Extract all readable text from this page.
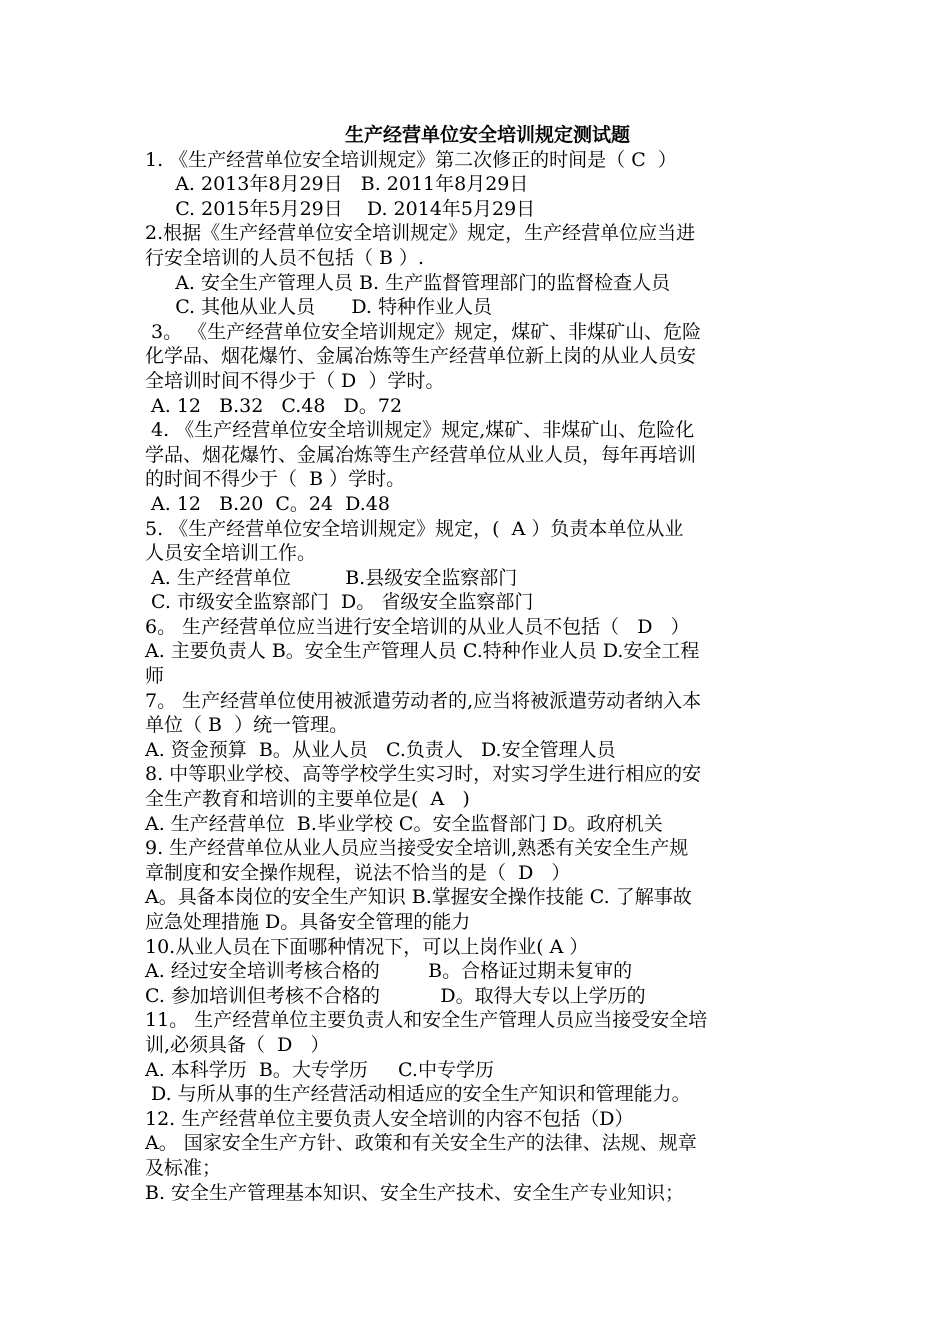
生产经营单位安全培训规定测试题
1. 《生产经营单位安全培训规定》第二次修正的时间是（ C  ）
A. 2013年8月29日   B. 2011年8月29日
C. 2015年5月29日    D. 2014年5月29日
2.根据《生产经营单位安全培训规定》规定，生产经营单位应当进
行安全培训的人员不包括（ B ）.
A. 安全生产管理人员 B. 生产监督管理部门的监督检查人员
C. 其他从业人员      D. 特种作业人员
3。 《生产经营单位安全培训规定》规定，煤矿、非煤矿山、危险
化学品、烟花爆竹、金属冶炼等生产经营单位新上岗的从业人员安
全培训时间不得少于（ D  ）学时。
A. 12   B.32   C.48   D。72
4. 《生产经营单位安全培训规定》规定,煤矿、非煤矿山、危险化
学品、烟花爆竹、金属冶炼等生产经营单位从业人员，每年再培训
的时间不得少于（  B ）学时。
A. 12   B.20  C。24  D.48
5. 《生产经营单位安全培训规定》规定，(  A ）负责本单位从业
人员安全培训工作。
A. 生产经营单位         B.县级安全监察部门
C. 市级安全监察部门  D。 省级安全监察部门
6。 生产经营单位应当进行安全培训的从业人员不包括（   D   ）
A. 主要负责人 B。安全生产管理人员 C.特种作业人员 D.安全工程
师
7。 生产经营单位使用被派遣劳动者的,应当将被派遣劳动者纳入本
单位（ B  ）统一管理。
A. 资金预算  B。从业人员   C.负责人   D.安全管理人员
8. 中等职业学校、高等学校学生实习时，对实习学生进行相应的安
全生产教育和培训的主要单位是(  A   )
A. 生产经营单位  B.毕业学校 C。安全监督部门 D。政府机关
9. 生产经营单位从业人员应当接受安全培训,熟悉有关安全生产规
章制度和安全操作规程，说法不恰当的是（  D   ）
A。具备本岗位的安全生产知识 B.掌握安全操作技能 C. 了解事故
应急处理措施 D。具备安全管理的能力
10.从业人员在下面哪种情况下，可以上岗作业( A ）
A. 经过安全培训考核合格的        B。合格证过期未复审的
C. 参加培训但考核不合格的          D。取得大专以上学历的
11。 生产经营单位主要负责人和安全生产管理人员应当接受安全培
训,必须具备（  D   ）
A. 本科学历  B。大专学历     C.中专学历
D. 与所从事的生产经营活动相适应的安全生产知识和管理能力。
12. 生产经营单位主要负责人安全培训的内容不包括（D）
A。 国家安全生产方针、政策和有关安全生产的法律、法规、规章
及标准；
B. 安全生产管理基本知识、安全生产技术、安全生产专业知识；
